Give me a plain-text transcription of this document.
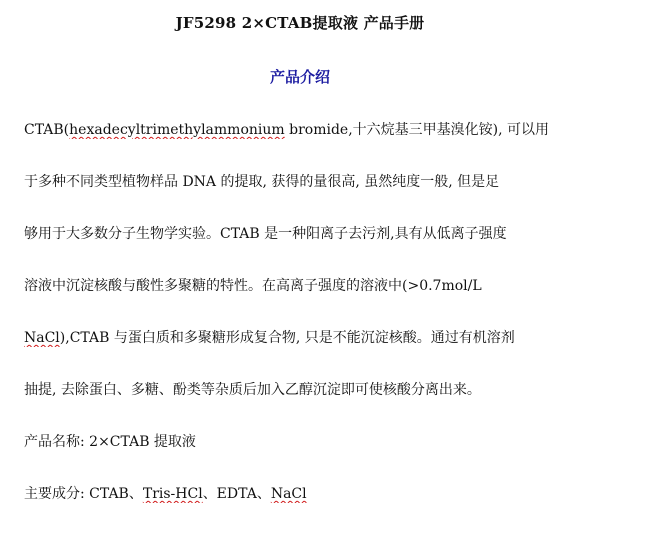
JF5298 2×CTAB提取液 产品手册
产品介绍
CTAB(hexadecyltrimethylammonium bromide,十六烷基三甲基溴化铵), 可以用
于多种不同类型植物样品 DNA 的提取, 获得的量很高, 虽然纯度一般, 但是足
够用于大多数分子生物学实验。CTAB 是一种阳离子去污剂,具有从低离子强度
溶液中沉淀核酸与酸性多聚糖的特性。在高离子强度的溶液中(>0.7mol/L
NaCl),CTAB 与蛋白质和多聚糖形成复合物, 只是不能沉淀核酸。通过有机溶剂
抽提, 去除蛋白、多糖、酚类等杂质后加入乙醇沉淀即可使核酸分离出来。
产品名称: 2×CTAB 提取液
主要成分: CTAB、Tris-HCl、EDTA、NaCl
